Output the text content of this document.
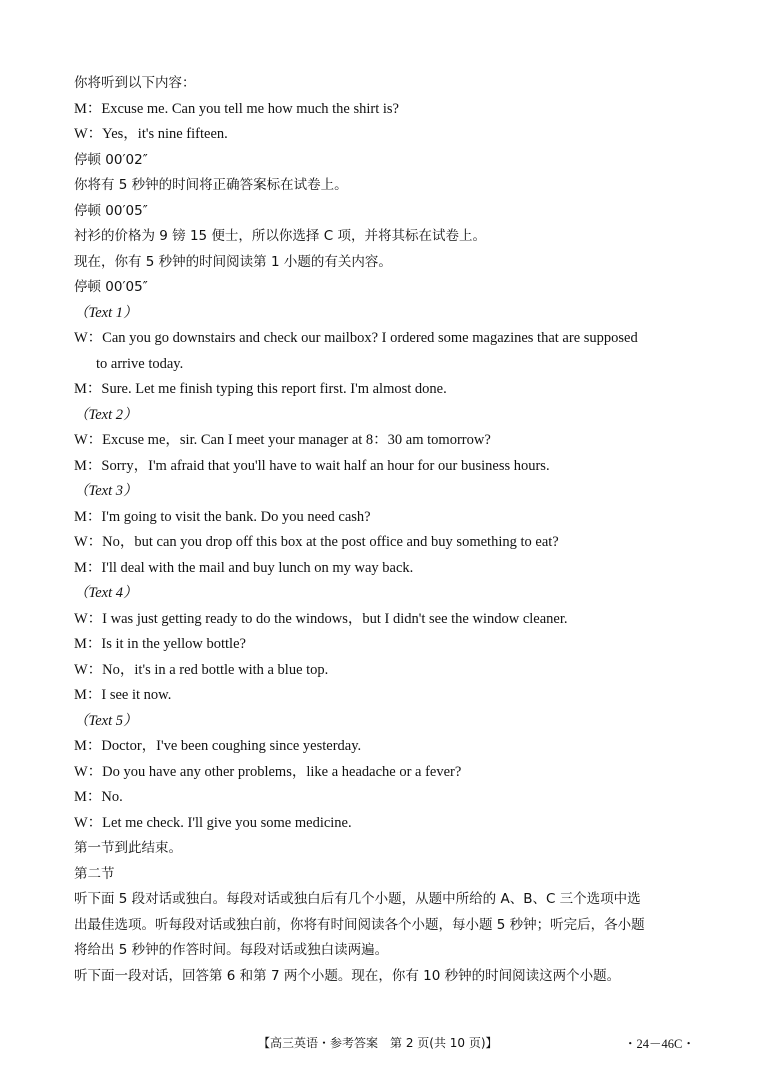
你将听到以下内容：
M：Excuse me. Can you tell me how much the shirt is?
W：Yes，it's nine fifteen.
停顿 00′02″
你将有 5 秒钟的时间将正确答案标在试卷上。
停顿 00′05″
衬衫的价格为 9 镑 15 便士，所以你选择 C 项，并将其标在试卷上。
现在，你有 5 秒钟的时间阅读第 1 小题的有关内容。
停顿 00′05″
（Text 1）
W：Can you go downstairs and check our mailbox? I ordered some magazines that are supposed
to arrive today.
M：Sure. Let me finish typing this report first. I'm almost done.
（Text 2）
W：Excuse me，sir. Can I meet your manager at 8：30 am tomorrow?
M：Sorry，I'm afraid that you'll have to wait half an hour for our business hours.
（Text 3）
M：I'm going to visit the bank. Do you need cash?
W：No，but can you drop off this box at the post office and buy something to eat?
M：I'll deal with the mail and buy lunch on my way back.
（Text 4）
W：I was just getting ready to do the windows，but I didn't see the window cleaner.
M：Is it in the yellow bottle?
W：No，it's in a red bottle with a blue top.
M：I see it now.
（Text 5）
M：Doctor，I've been coughing since yesterday.
W：Do you have any other problems，like a headache or a fever?
M：No.
W：Let me check. I'll give you some medicine.
第一节到此结束。
第二节
听下面 5 段对话或独白。每段对话或独白后有几个小题，从题中所给的 A、B、C 三个选项中选
出最佳选项。听每段对话或独白前，你将有时间阅读各个小题，每小题 5 秒钟；听完后，各小题
将给出 5 秒钟的作答时间。每段对话或独白读两遍。
听下面一段对话，回答第 6 和第 7 两个小题。现在，你有 10 秒钟的时间阅读这两个小题。
【高三英语・参考答案　第 2 页(共 10 页)】	・24－46C・
